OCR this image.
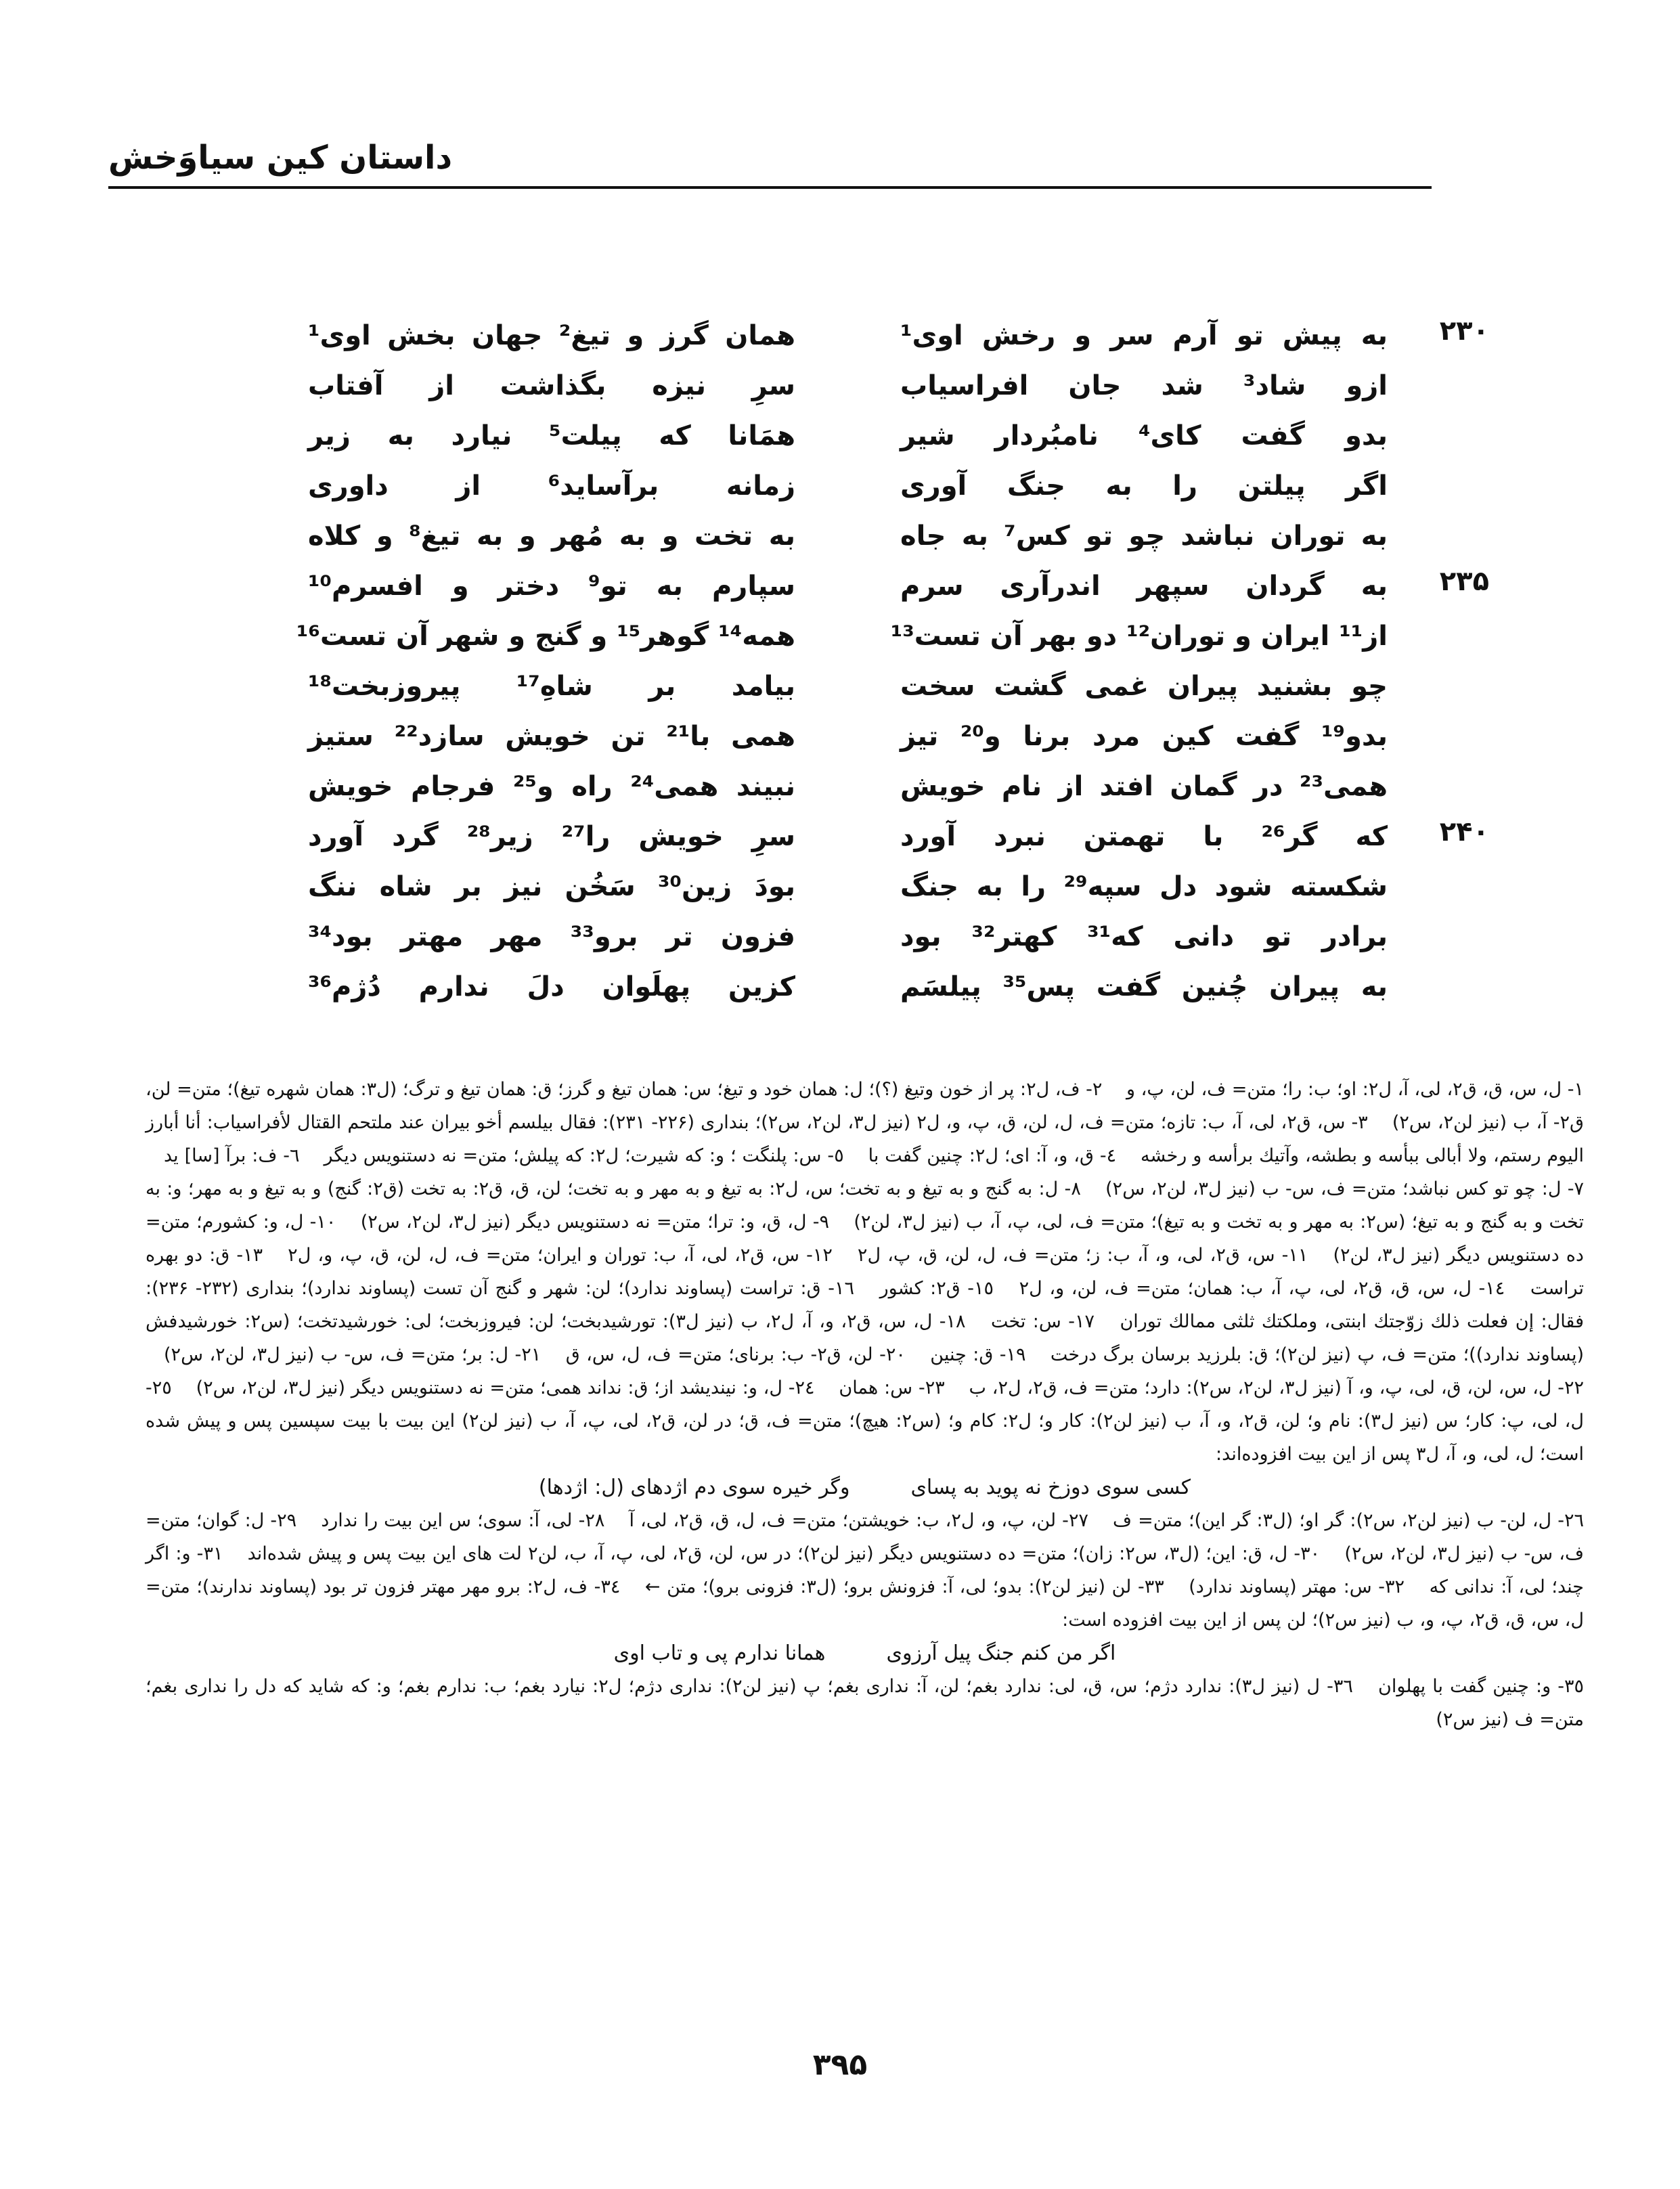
داستان کین سیاوَخش
۲۳۰
به پیش تو آرم سر و رخش اوی¹
همان گرز و تیغ² جهان بخش اوی¹
ازو شاد³ شد جان افراسیاب
سرِ نیزه بگذاشت از آفتاب
بدو گفت کای⁴ نامبُردار شیر
همَانا که پیلت⁵ نیارد به زیر
اگر پیلتن را به جنگ آوری
زمانه برآساید⁶ از داوری
به توران نباشد چو تو کس⁷ به جاه
به تخت و به مُهر و به تیغ⁸ و کلاه
۲۳۵
به گردان سپهر اندرآری سرم
سپارم به تو⁹ دختر و افسرم¹⁰
از¹¹ ایران و توران¹² دو بهر آن تست¹³
همه¹⁴ گوهر¹⁵ و گنج و شهر آن تست¹⁶
چو بشنید پیران غمی گشت سخت
بیامد بر شاهِ¹⁷ پیروزبخت¹⁸
بدو¹⁹ گفت کین مرد برنا و²⁰ تیز
همی با²¹ تن خویش سازد²² ستیز
همی²³ در گمان افتد از نام خویش
نبیند همی²⁴ راه و²⁵ فرجام خویش
۲۴۰
که گر²⁶ با تهمتن نبرد آورد
سرِ خویش را²⁷ زیر²⁸ گرد آورد
شکسته شود دل سپه²⁹ را به جنگ
بودَ زین³⁰ سَخُن نیز بر شاه ننگ
برادر تو دانی که³¹ کهتر³² بود
فزون تر برو³³ مهر مهتر بود³⁴
به پیران چُنین گفت پس³⁵ پیلسَم
کزین پهلَوان دلَ ندارم دُژم³⁶
۱- ل، س، ق، ق۲، لی، آ، ل۲: او؛ ب: را؛ متن= ف، لن، پ، و  ۲- ف، ل۲: پر از خون وتیغ (؟)؛ ل: همان خود و تیغ؛ س: همان تیغ و گرز؛ ق: همان تیغ و ترگ؛ (ل۳: همان شهره تیغ)؛ متن= لن، ق۲- آ، ب (نیز لن۲، س۲)  ۳- س، ق۲، لی، آ، ب: تازه؛ متن= ف، ل، لن، ق، پ، و، ل۲ (نیز ل۳، لن۲، س۲)؛ بنداری (۲۲۶- ۲۳۱): فقال بیلسم أخو بیران عند ملتحم القتال لأفراسیاب: أنا أبارز الیوم رستم، ولا أبالی ببأسه و بطشه، وآتیك برأسه و رخشه  ٤- ق، و، آ: ای؛ ل۲: چنین گفت با  ٥- س: پلنگت ؛ و: که شیرت؛ ل۲: که پیلش؛ متن= نه دستنویس دیگر  ٦- ف: برآ [سا] ید  ٧- ل: چو تو کس نباشد؛ متن= ف، س- ب (نیز ل۳، لن۲، س۲)  ٨- ل: به گنج و به تیغ و به تخت؛ س، ل۲: به تیغ و به مهر و به تخت؛ لن، ق، ق۲: به تخت (ق۲: گنج) و به تیغ و به مهر؛ و: به تخت و به گنج و به تیغ؛ (س۲: به مهر و به تخت و به تیغ)؛ متن= ف، لی، پ، آ، ب (نیز ل۳، لن۲)  ٩- ل، ق، و: ترا؛ متن= نه دستنویس دیگر (نیز ل۳، لن۲، س۲)  ١٠- ل، و: کشورم؛ متن= ده دستنویس دیگر (نیز ل۳، لن۲)  ١١- س، ق۲، لی، و، آ، ب: ز؛ متن= ف، ل، لن، ق، پ، ل۲  ١٢- س، ق۲، لی، آ، ب: توران و ایران؛ متن= ف، ل، لن، ق، پ، و، ل۲  ١٣- ق: دو بهره تراست  ١٤- ل، س، ق، ق۲، لی، پ، آ، ب: همان؛ متن= ف، لن، و، ل۲  ١٥- ق۲: کشور  ١٦- ق: تراست (پساوند ندارد)؛ لن: شهر و گنج آن تست (پساوند ندارد)؛ بنداری (۲۳۲- ۲۳۶): فقال: إن فعلت ذلك زوّجتك ابنتی، وملكتك ثلثی ممالك توران  ١٧- س: تخت  ١٨- ل، س، ق۲، و، آ، ل۲، ب (نیز ل۳): تورشیدبخت؛ لن: فیروزبخت؛ لی: خورشیدتخت؛ (س۲: خورشیدفش (پساوند ندارد))؛ متن= ف، پ (نیز لن۲)؛ ق: بلرزید برسان برگ درخت  ١٩- ق: چنین  ٢٠- لن، ق۲- ب: برنای؛ متن= ف، ل، س، ق  ٢١- ل: بر؛ متن= ف، س- ب (نیز ل۳، لن۲، س۲)  ٢٢- ل، س، لن، ق، لی، پ، و، آ (نیز ل۳، لن۲، س۲): دارد؛ متن= ف، ق۲، ل۲، ب  ٢٣- س: همان  ٢٤- ل، و: نیندیشد از؛ ق: نداند همی؛ متن= نه دستنویس دیگر (نیز ل۳، لن۲، س۲)  ٢٥- ل، لی، پ: کار؛ س (نیز ل۳): نام و؛ لن، ق۲، و، آ، ب (نیز لن۲): کار و؛ ل۲: کام و؛ (س۲: هیچ)؛ متن= ف، ق؛ در لن، ق۲، لی، پ، آ، ب (نیز لن۲) این بیت با بیت سپسین پس و پیش شده است؛ ل، لی، و، آ، ل۳ پس از این بیت افزوده‌اند: 
کسی سوی دوزخ نه پوید به پسای
وگر خیره سوی دم اژدهای (ل: اژدها)
٢٦- ل، لن- ب (نیز لن۲، س۲): گر او؛ (ل۳: گر این)؛ متن= ف  ٢٧- لن، پ، و، ل۲، ب: خویشتن؛ متن= ف، ل، ق، ق۲، لی، آ  ٢٨- لی، آ: سوی؛ س این بیت را ندارد  ٢٩- ل: گوان؛ متن= ف، س- ب (نیز ل۳، لن۲، س۲)  ٣٠- ل، ق: این؛ (ل۳، س۲: زان)؛ متن= ده دستنویس دیگر (نیز لن۲)؛ در س، لن، ق۲، لی، پ، آ، ب، لن۲ لت های این بیت پس و پیش شده‌اند  ٣١- و: اگر چند؛ لی، آ: ندانی که  ٣٢- س: مهتر (پساوند ندارد)  ٣٣- لن (نیز لن۲): بدو؛ لی، آ: فزونش برو؛ (ل۳: فزونی برو)؛ متن ←  ٣٤- ف، ل۲: برو مهر مهتر فزون تر بود (پساوند ندارند)؛ متن= ل، س، ق، ق۲، پ، و، ب (نیز س۲)؛ لن پس از این بیت افزوده است: 
اگر من کنم جنگ پیل آرزوی
همانا ندارم پی و تاب اوی
٣٥- و: چنین گفت با پهلوان  ٣٦- ل (نیز ل۳): ندارد دژم؛ س، ق، لی: ندارد بغم؛ لن، آ: نداری بغم؛ پ (نیز لن۲): نداری دژم؛ ل۲: نیارد بغم؛ ب: ندارم بغم؛ و: که شاید که دل را نداری بغم؛ متن= ف (نیز س۲) 
۳۹۵
